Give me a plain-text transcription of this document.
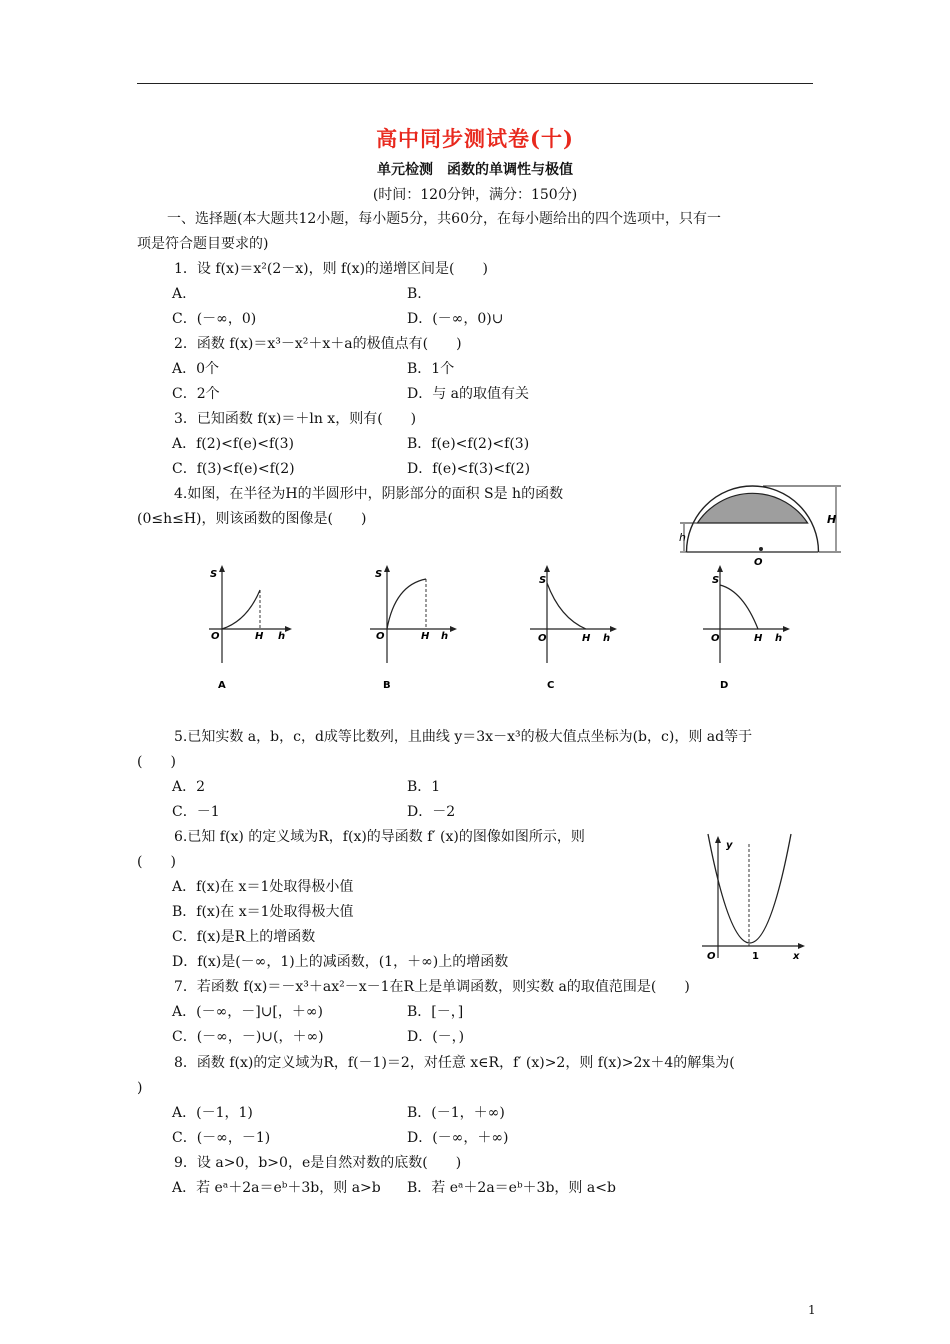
高中同步测试卷(十)
单元检测　函数的单调性与极值
(时间：120分钟，满分：150分)
一、选择题(本大题共12小题，每小题5分，共60分，在每小题给出的四个选项中，只有一
项是符合题目要求的)
1．设 f(x)＝x²(2－x)，则 f(x)的递增区间是(　　)
A.	B.
C．(－∞，0)	D．(－∞，0)∪
2．函数 f(x)＝x³－x²＋x＋a的极值点有(　　)
A．0个	B．1个
C．2个	D．与 a的取值有关
3．已知函数 f(x)＝＋ln x，则有(　　)
A．f(2)<f(e)<f(3)	B．f(e)<f(2)<f(3)
C．f(3)<f(e)<f(2)	D．f(e)<f(3)<f(2)
4.如图，在半径为H的半圆形中，阴影部分的面积 S是 h的函数
(0≤h≤H)，则该函数的图像是(　　)
h
H
O
S
O	H h
A
S
O	H h
B
S
O	H h
C
S
O	H h
D
5.已知实数 a，b，c，d成等比数列，且曲线 y＝3x－x³的极大值点坐标为(b，c)，则 ad等于
(　　)
A．2	B．1
C．－1	D．－2
6.已知 f(x) 的定义域为R，f(x)的导函数 f′ (x)的图像如图所示，则
(　　)
A．f(x)在 x＝1处取得极小值
B．f(x)在 x＝1处取得极大值
C．f(x)是R上的增函数
D．f(x)是(－∞，1)上的减函数，(1，＋∞)上的增函数
y
O	1	x
7．若函数 f(x)＝－x³＋ax²－x－1在R上是单调函数，则实数 a的取值范围是(　　)
A．(－∞，－]∪[，＋∞)	B．[－，]
C．(－∞，－)∪(，＋∞)	D．(－，)
8．函数 f(x)的定义域为R，f(－1)＝2，对任意 x∈R，f′ (x)>2，则 f(x)>2x＋4的解集为(
)
A．(－1，1)	B．(－1，＋∞)
C．(－∞，－1)	D．(－∞，＋∞)
9．设 a>0，b>0，e是自然对数的底数(　　)
A．若 eᵃ＋2a＝eᵇ＋3b，则 a>b B．若 eᵃ＋2a＝eᵇ＋3b，则 a<b
1
